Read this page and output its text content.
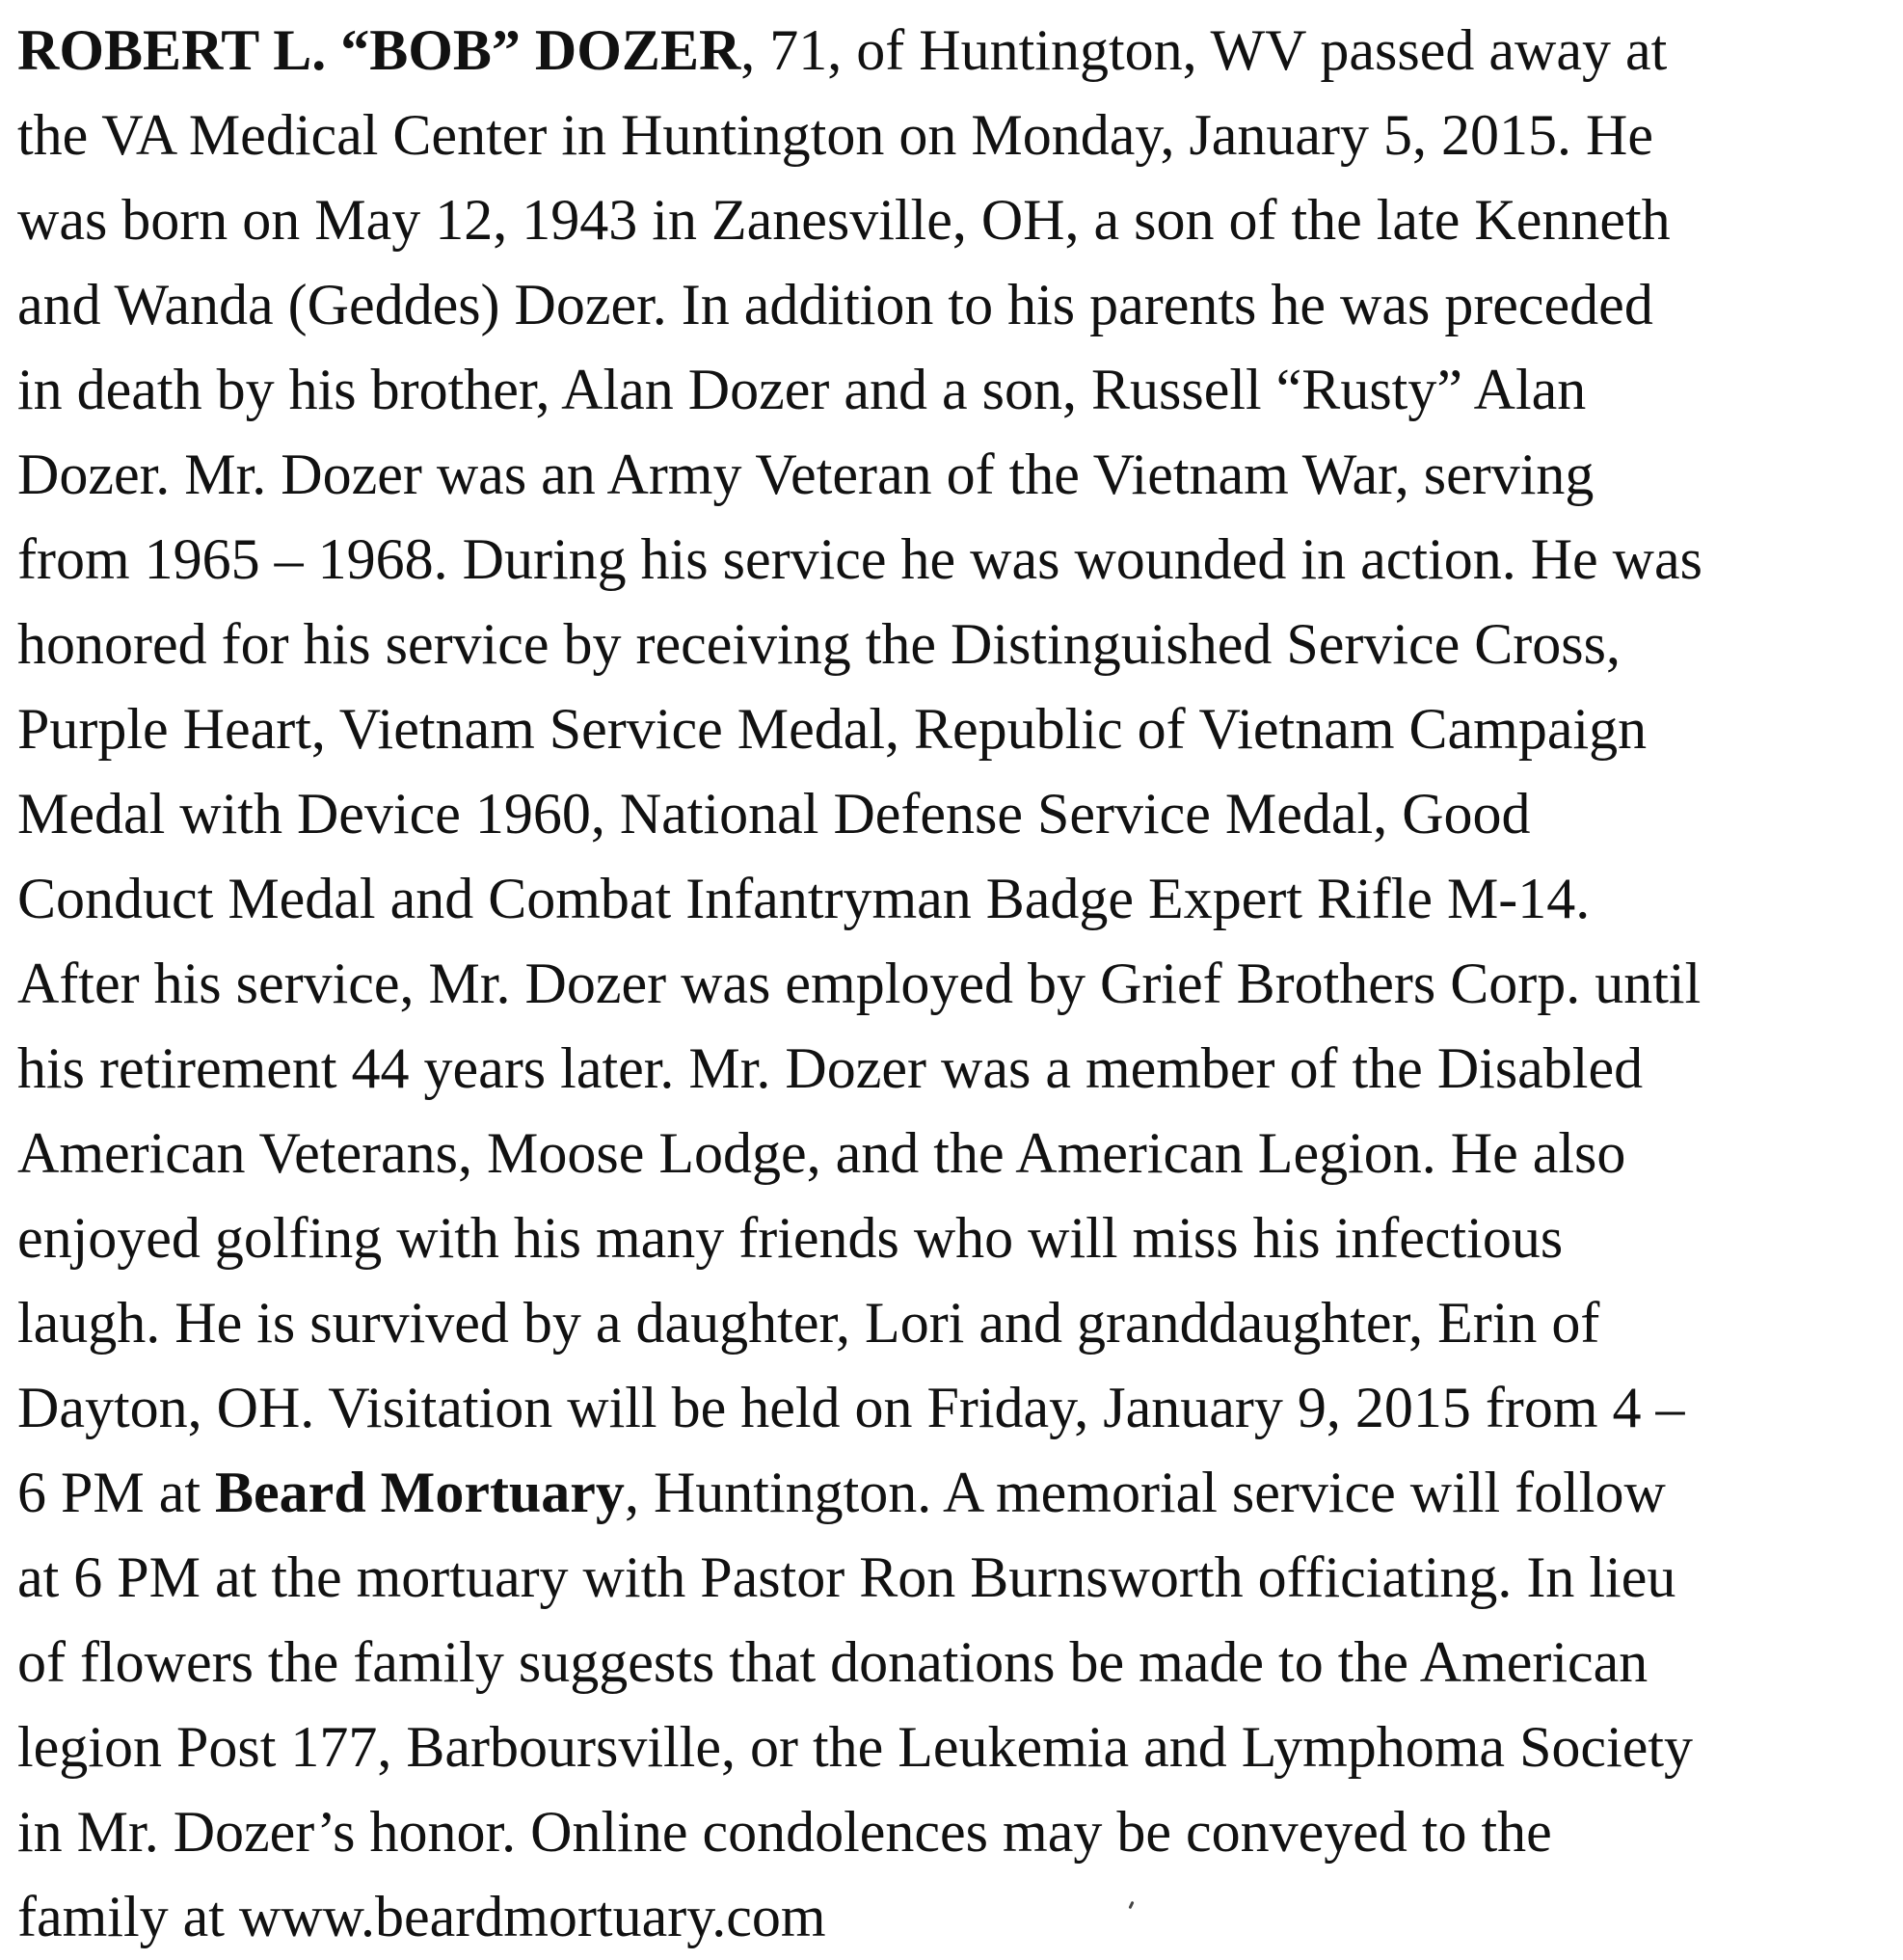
ROBERT L. “BOB” DOZER, 71, of Huntington, WV passed away at
the VA Medical Center in Huntington on Monday, January 5, 2015. He
was born on May 12, 1943 in Zanesville, OH, a son of the late Kenneth
and Wanda (Geddes) Dozer. In addition to his parents he was preceded
in death by his brother, Alan Dozer and a son, Russell “Rusty” Alan
Dozer. Mr. Dozer was an Army Veteran of the Vietnam War, serving
from 1965 – 1968. During his service he was wounded in action. He was
honored for his service by receiving the Distinguished Service Cross,
Purple Heart, Vietnam Service Medal, Republic of Vietnam Campaign
Medal with Device 1960, National Defense Service Medal, Good
Conduct Medal and Combat Infantryman Badge Expert Rifle M-14.
After his service, Mr. Dozer was employed by Grief Brothers Corp. until
his retirement 44 years later. Mr. Dozer was a member of the Disabled
American Veterans, Moose Lodge, and the American Legion. He also
enjoyed golfing with his many friends who will miss his infectious
laugh. He is survived by a daughter, Lori and granddaughter, Erin of
Dayton, OH. Visitation will be held on Friday, January 9, 2015 from 4 –
6 PM at Beard Mortuary, Huntington. A memorial service will follow
at 6 PM at the mortuary with Pastor Ron Burnsworth officiating. In lieu
of flowers the family suggests that donations be made to the American
legion Post 177, Barboursville, or the Leukemia and Lymphoma Society
in Mr. Dozer’s honor. Online condolences may be conveyed to the
family at www.beardmortuary.com
